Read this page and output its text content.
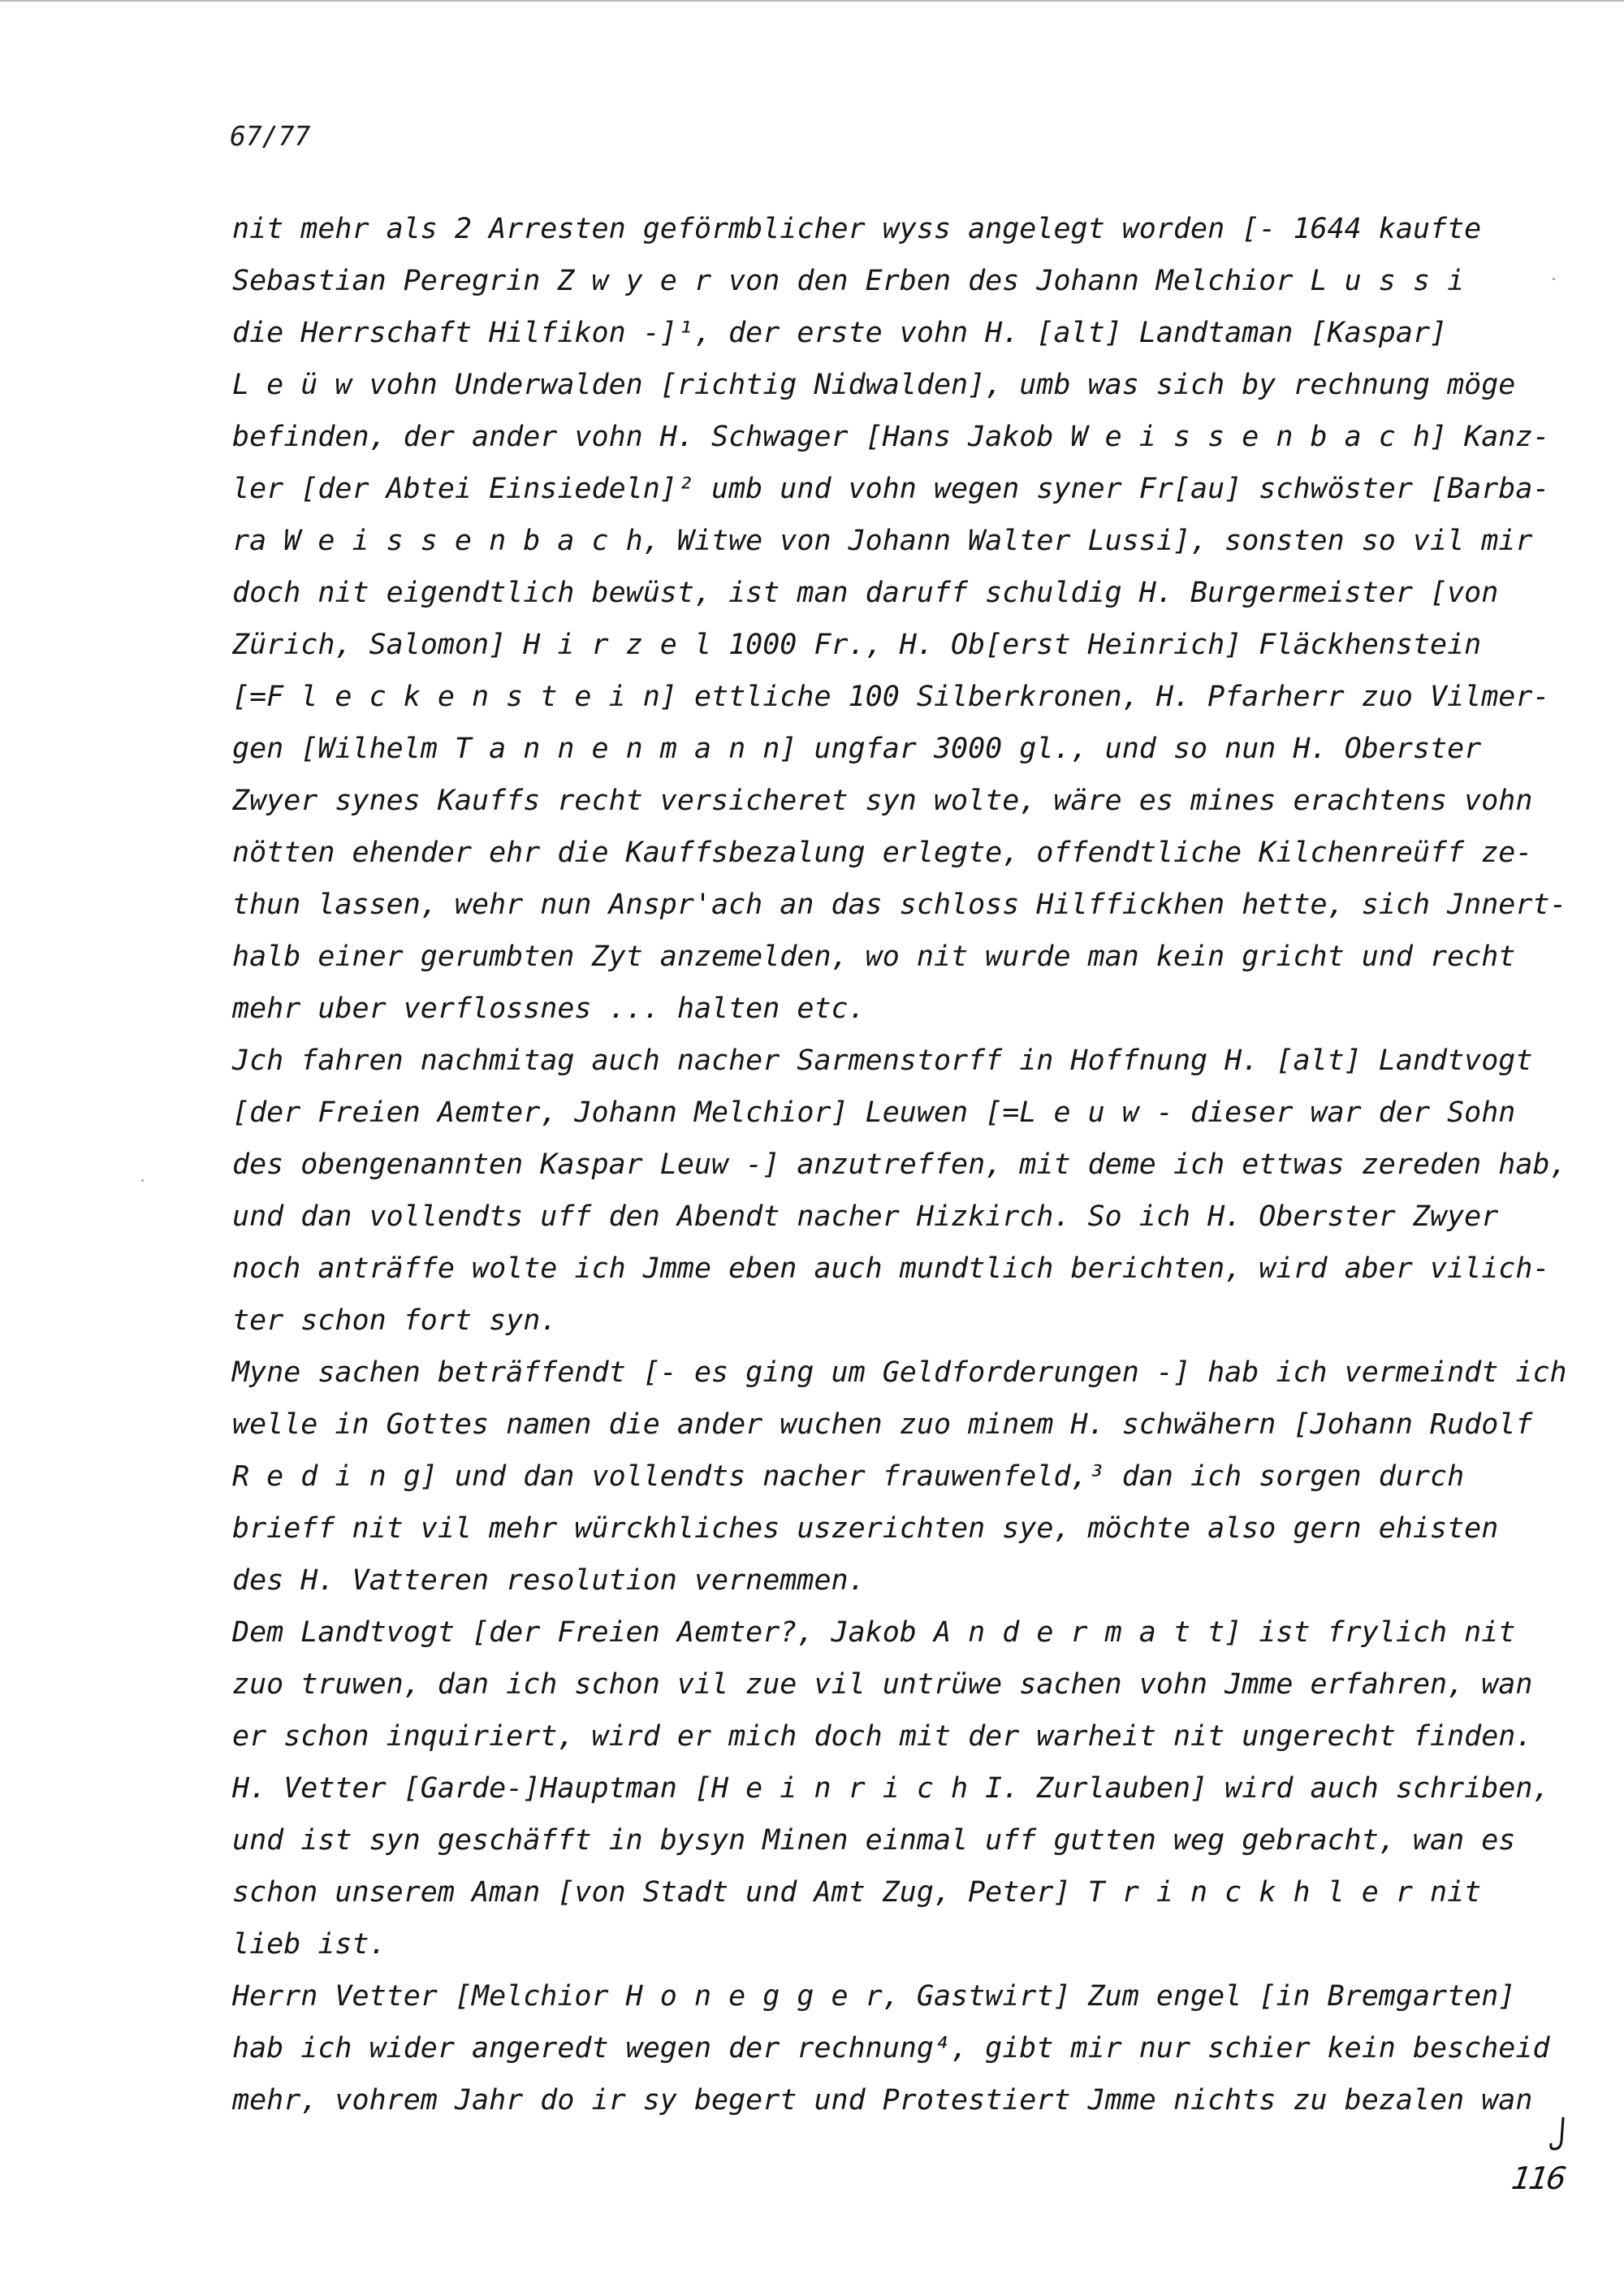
67/77
nit mehr als 2 Arresten geförmblicher wyss angelegt worden [- 1644 kaufte
Sebastian Peregrin Z w y e r von den Erben des Johann Melchior L u s s i
die Herrschaft Hilfikon -]¹, der erste vohn H. [alt] Landtaman [Kaspar]
L e ü w vohn Underwalden [richtig Nidwalden], umb was sich by rechnung möge
befinden, der ander vohn H. Schwager [Hans Jakob W e i s s e n b a c h] Kanz-
ler [der Abtei Einsiedeln]² umb und vohn wegen syner Fr[au] schwöster [Barba-
ra W e i s s e n b a c h, Witwe von Johann Walter Lussi], sonsten so vil mir
doch nit eigendtlich bewüst, ist man daruff schuldig H. Burgermeister [von
Zürich, Salomon] H i r z e l 1000 Fr., H. Ob[erst Heinrich] Fläckhenstein
[=F l e c k e n s t e i n] ettliche 100 Silberkronen, H. Pfarherr zuo Vilmer-
gen [Wilhelm T a n n e n m a n n] ungfar 3000 gl., und so nun H. Oberster
Zwyer synes Kauffs recht versicheret syn wolte, wäre es mines erachtens vohn
nötten ehender ehr die Kauffsbezalung erlegte, offendtliche Kilchenreüff ze-
thun lassen, wehr nun Anspr'ach an das schloss Hilffickhen hette, sich Jnnert-
halb einer gerumbten Zyt anzemelden, wo nit wurde man kein gricht und recht
mehr uber verflossnes ... halten etc.
Jch fahren nachmitag auch nacher Sarmenstorff in Hoffnung H. [alt] Landtvogt
[der Freien Aemter, Johann Melchior] Leuwen [=L e u w - dieser war der Sohn
des obengenannten Kaspar Leuw -] anzutreffen, mit deme ich ettwas zereden hab,
und dan vollendts uff den Abendt nacher Hizkirch. So ich H. Oberster Zwyer
noch anträffe wolte ich Jmme eben auch mundtlich berichten, wird aber vilich-
ter schon fort syn.
Myne sachen beträffendt [- es ging um Geldforderungen -] hab ich vermeindt ich
welle in Gottes namen die ander wuchen zuo minem H. schwähern [Johann Rudolf
R e d i n g] und dan vollendts nacher frauwenfeld,³ dan ich sorgen durch
brieff nit vil mehr würckhliches uszerichten sye, möchte also gern ehisten
des H. Vatteren resolution vernemmen.
Dem Landtvogt [der Freien Aemter?, Jakob A n d e r m a t t] ist frylich nit
zuo truwen, dan ich schon vil zue vil untrüwe sachen vohn Jmme erfahren, wan
er schon inquiriert, wird er mich doch mit der warheit nit ungerecht finden.
H. Vetter [Garde-]Hauptman [H e i n r i c h I. Zurlauben] wird auch schriben,
und ist syn geschäfft in bysyn Minen einmal uff gutten weg gebracht, wan es
schon unserem Aman [von Stadt und Amt Zug, Peter] T r i n c k h l e r nit
lieb ist.
Herrn Vetter [Melchior H o n e g g e r, Gastwirt] Zum engel [in Bremgarten]
hab ich wider angeredt wegen der rechnung⁴, gibt mir nur schier kein bescheid
mehr, vohrem Jahr do ir sy begert und Protestiert Jmme nichts zu bezalen wan
116
